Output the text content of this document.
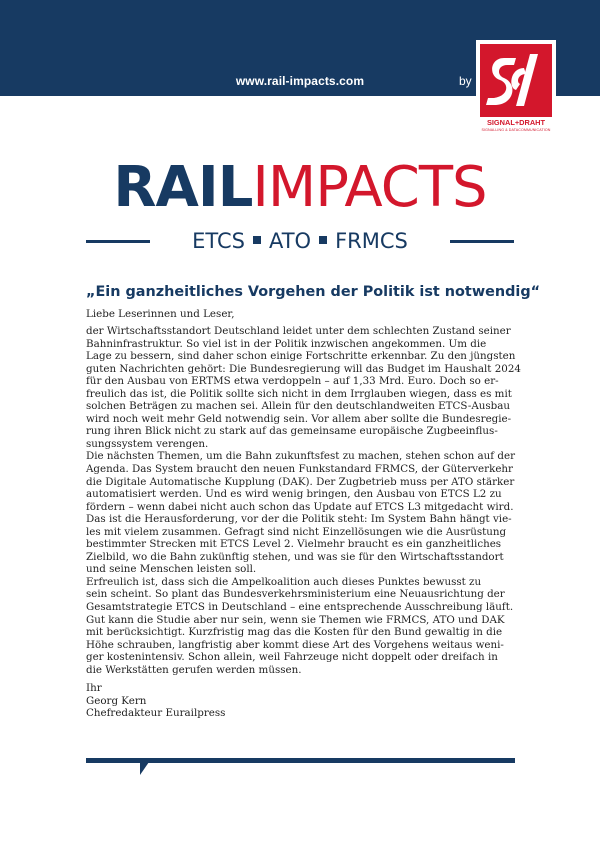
www.rail-impacts.com	by
SIGNAL+DRAHT
SIGNALLING & DATACOMMUNICATION
RAILIMPACTS
ETCS ATO FRMCS
„Ein ganzheitliches Vorgehen der Politik ist notwendig“
Liebe Leserinnen und Leser,
der Wirtschaftsstandort Deutschland leidet unter dem schlechten Zustand seiner
Bahninfrastruktur. So viel ist in der Politik inzwischen angekommen. Um die
Lage zu bessern, sind daher schon einige Fortschritte erkennbar. Zu den jüngsten
guten Nachrichten gehört: Die Bundesregierung will das Budget im Haushalt 2024
für den Ausbau von ERTMS etwa verdoppeln – auf 1,33 Mrd. Euro. Doch so er-
freulich das ist, die Politik sollte sich nicht in dem Irrglauben wiegen, dass es mit
solchen Beträgen zu machen sei. Allein für den deutschlandweiten ETCS-Ausbau
wird noch weit mehr Geld notwendig sein. Vor allem aber sollte die Bundesregie-
rung ihren Blick nicht zu stark auf das gemeinsame europäische Zugbeeinflus-
sungssystem verengen.
Die nächsten Themen, um die Bahn zukunftsfest zu machen, stehen schon auf der
Agenda. Das System braucht den neuen Funkstandard FRMCS, der Güterverkehr
die Digitale Automatische Kupplung (DAK). Der Zugbetrieb muss per ATO stärker
automatisiert werden. Und es wird wenig bringen, den Ausbau von ETCS L2 zu
fördern – wenn dabei nicht auch schon das Update auf ETCS L3 mitgedacht wird.
Das ist die Herausforderung, vor der die Politik steht: Im System Bahn hängt vie-
les mit vielem zusammen. Gefragt sind nicht Einzellösungen wie die Ausrüstung
bestimmter Strecken mit ETCS Level 2. Vielmehr braucht es ein ganzheitliches
Zielbild, wo die Bahn zukünftig stehen, und was sie für den Wirtschaftsstandort
und seine Menschen leisten soll.
Erfreulich ist, dass sich die Ampelkoalition auch dieses Punktes bewusst zu
sein scheint. So plant das Bundesverkehrsministerium eine Neuausrichtung der
Gesamtstrategie ETCS in Deutschland – eine entsprechende Ausschreibung läuft.
Gut kann die Studie aber nur sein, wenn sie Themen wie FRMCS, ATO und DAK
mit berücksichtigt. Kurzfristig mag das die Kosten für den Bund gewaltig in die
Höhe schrauben, langfristig aber kommt diese Art des Vorgehens weitaus weni-
ger kostenintensiv. Schon allein, weil Fahrzeuge nicht doppelt oder dreifach in
die Werkstätten gerufen werden müssen.
Ihr
Georg Kern
Chefredakteur Eurailpress
